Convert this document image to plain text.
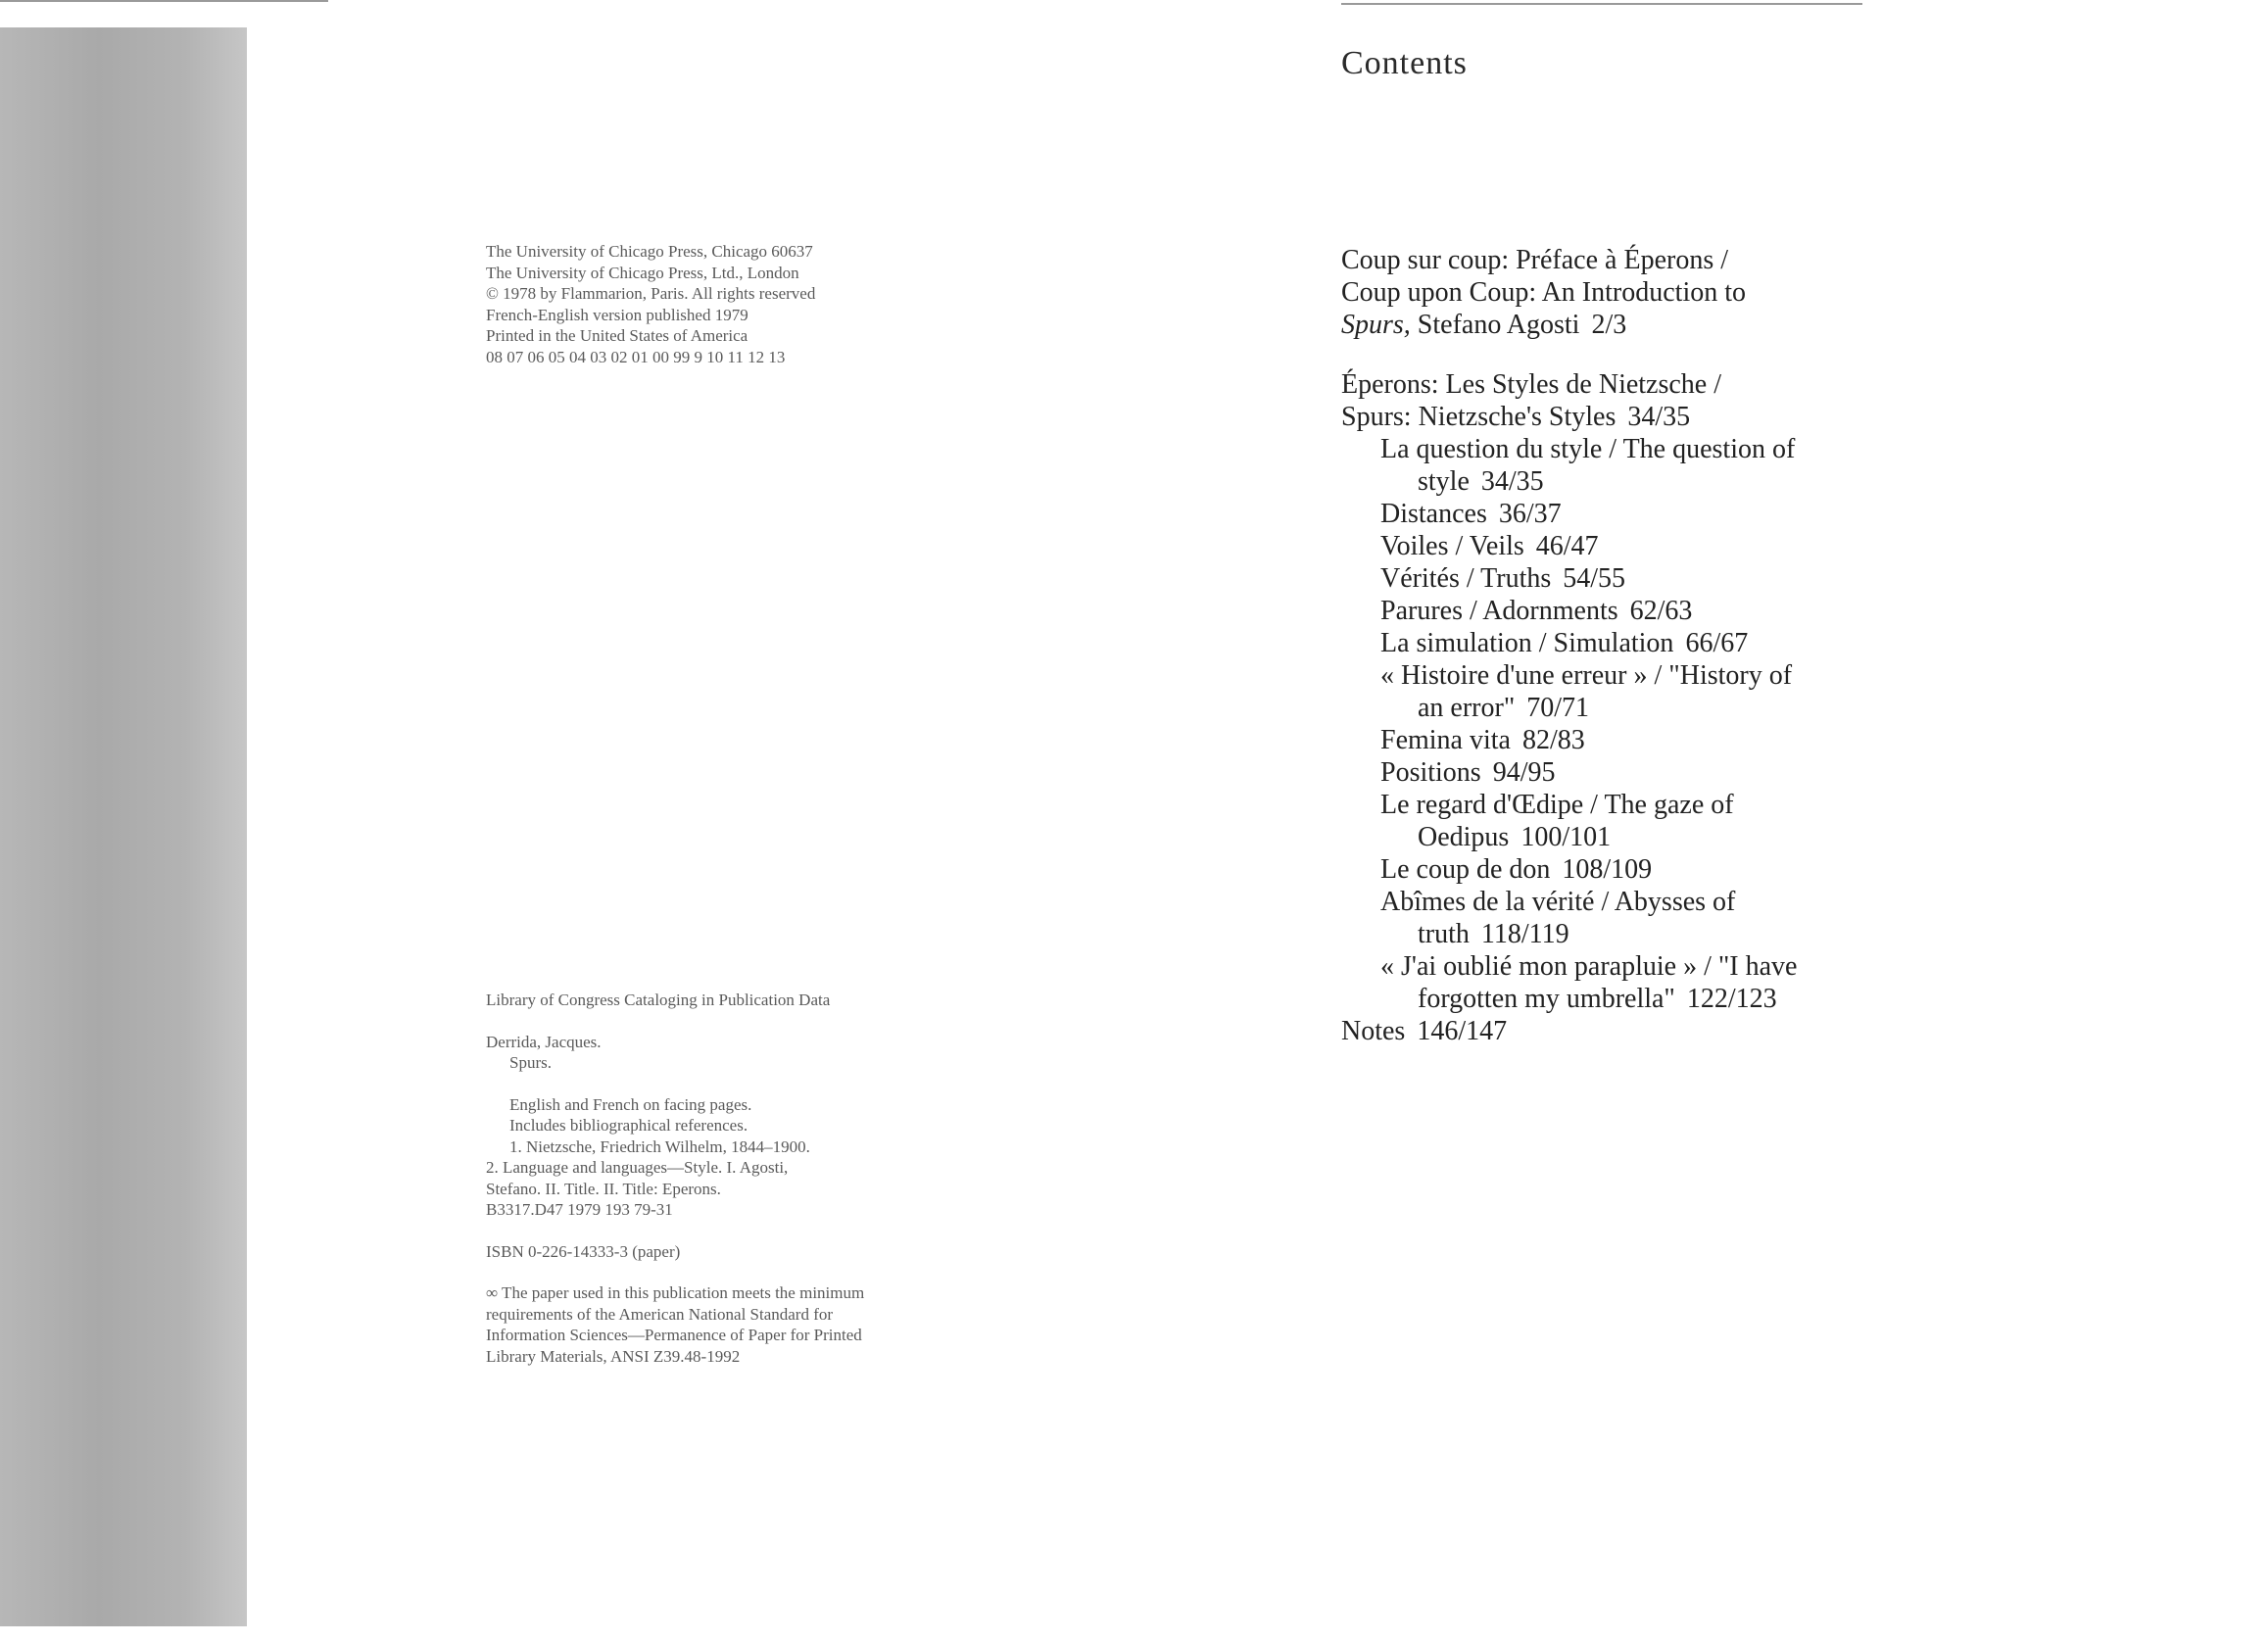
The University of Chicago Press, Chicago 60637
The University of Chicago Press, Ltd., London
© 1978 by Flammarion, Paris. All rights reserved
French-English version published 1979
Printed in the United States of America
08 07 06 05 04 03 02 01 00 99 9 10 11 12 13
Library of Congress Cataloging in Publication Data
Derrida, Jacques.
Spurs.
English and French on facing pages.
Includes bibliographical references.
1. Nietzsche, Friedrich Wilhelm, 1844–1900.
2. Language and languages—Style. I. Agosti,
Stefano. II. Title. II. Title: Eperons.
B3317.D47 1979 193 79-31
ISBN 0-226-14333-3 (paper)
∞ The paper used in this publication meets the minimum
requirements of the American National Standard for
Information Sciences—Permanence of Paper for Printed
Library Materials, ANSI Z39.48-1992
Contents
Coup sur coup: Préface à Éperons /
Coup upon Coup: An Introduction to
Spurs, Stefano Agosti 2/3
Éperons: Les Styles de Nietzsche /
Spurs: Nietzsche's Styles 34/35
La question du style / The question of
style 34/35
Distances 36/37
Voiles / Veils 46/47
Vérités / Truths 54/55
Parures / Adornments 62/63
La simulation / Simulation 66/67
« Histoire d'une erreur » / "History of
an error" 70/71
Femina vita 82/83
Positions 94/95
Le regard d'Œdipe / The gaze of
Oedipus 100/101
Le coup de don 108/109
Abîmes de la vérité / Abysses of
truth 118/119
« J'ai oublié mon parapluie » / "I have
forgotten my umbrella" 122/123
Notes 146/147
